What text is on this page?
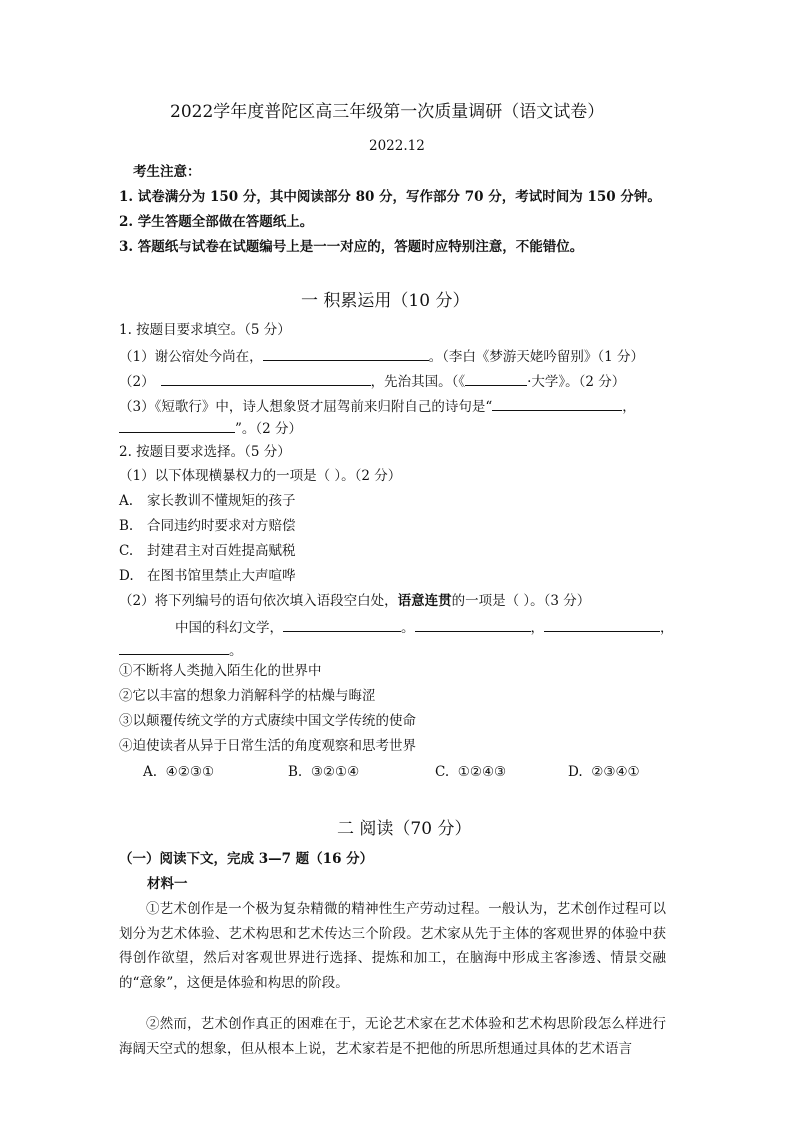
2022学年度普陀区高三年级第一次质量调研（语文试卷）
2022.12
考生注意：
1. 试卷满分为 150 分，其中阅读部分 80 分，写作部分 70 分，考试时间为 150 分钟。
2. 学生答题全部做在答题纸上。
3. 答题纸与试卷在试题编号上是一一对应的，答题时应特别注意，不能错位。
一 积累运用（10 分）
1. 按题目要求填空。（5 分）
（1）谢公宿处今尚在，	。（李白《梦游天姥吟留别》（1 分）
（2）	，先治其国。（《	·大学》。（2 分）
（3）《短歌行》中，诗人想象贤才屈驾前来归附自己的诗句是“	，
”。（2 分）
2. 按题目要求选择。（5 分）
（1）以下体现横暴权力的一项是（ ）。（2 分）
A. 家长教训不懂规矩的孩子
B. 合同违约时要求对方赔偿
C. 封建君主对百姓提高赋税
D. 在图书馆里禁止大声喧哗
（2）将下列编号的语句依次填入语段空白处，语意连贯的一项是（ ）。（3 分）
中国的科幻文学，	。	，	，
。
①不断将人类抛入陌生化的世界中
②它以丰富的想象力消解科学的枯燥与晦涩
③以颠覆传统文学的方式赓续中国文学传统的使命
④迫使读者从异于日常生活的角度观察和思考世界
A. ④②③①	B. ③②①④	C. ①②④③	D. ②③④①
二 阅读（70 分）
（一）阅读下文，完成 3—7 题（16 分）
材料一
①艺术创作是一个极为复杂精微的精神性生产劳动过程。一般认为，艺术创作过程可以划分为艺术体验、艺术构思和艺术传达三个阶段。艺术家从先于主体的客观世界的体验中获得创作欲望，然后对客观世界进行选择、提炼和加工，在脑海中形成主客渗透、情景交融的“意象”，这便是体验和构思的阶段。
②然而，艺术创作真正的困难在于，无论艺术家在艺术体验和艺术构思阶段怎么样进行海阔天空式的想象，但从根本上说，艺术家若是不把他的所思所想通过具体的艺术语言
